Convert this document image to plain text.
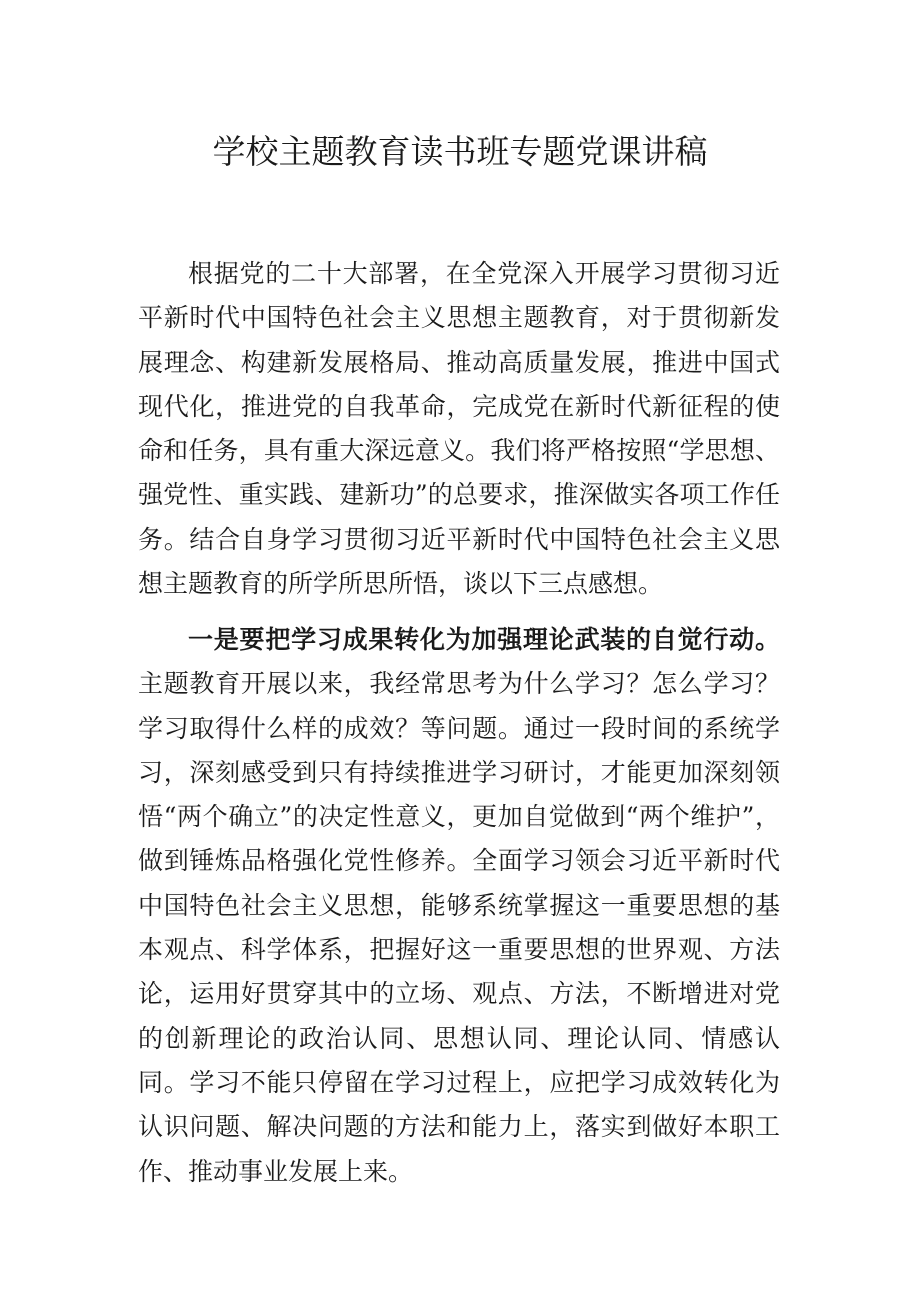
学校主题教育读书班专题党课讲稿

根据党的二十大部署，在全党深入开展学习贯彻习近平新时代中国特色社会主义思想主题教育，对于贯彻新发展理念、构建新发展格局、推动高质量发展，推进中国式现代化，推进党的自我革命，完成党在新时代新征程的使命和任务，具有重大深远意义。我们将严格按照“学思想、强党性、重实践、建新功”的总要求，推深做实各项工作任务。结合自身学习贯彻习近平新时代中国特色社会主义思想主题教育的所学所思所悟，谈以下三点感想。

一是要把学习成果转化为加强理论武装的自觉行动。主题教育开展以来，我经常思考为什么学习？怎么学习？学习取得什么样的成效？等问题。通过一段时间的系统学习，深刻感受到只有持续推进学习研讨，才能更加深刻领悟“两个确立”的决定性意义，更加自觉做到“两个维护”，做到锤炼品格强化党性修养。全面学习领会习近平新时代中国特色社会主义思想，能够系统掌握这一重要思想的基本观点、科学体系，把握好这一重要思想的世界观、方法论，运用好贯穿其中的立场、观点、方法，不断增进对党的创新理论的政治认同、思想认同、理论认同、情感认同。学习不能只停留在学习过程上，应把学习成效转化为认识问题、解决问题的方法和能力上，落实到做好本职工作、推动事业发展上来。
